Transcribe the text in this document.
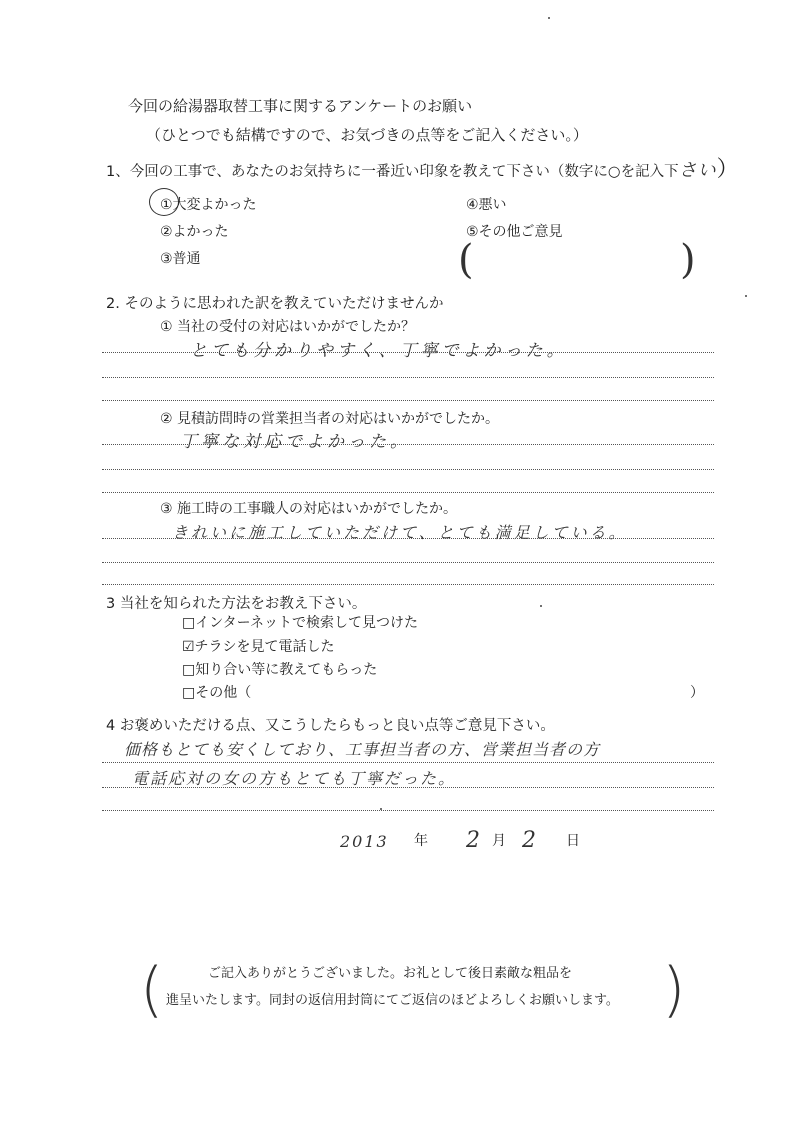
今回の給湯器取替工事に関するアンケートのお願い
（ひとつでも結構ですので、お気づきの点等をご記入ください。）
1、今回の工事で、あなたのお気持ちに一番近い印象を教えて下さい（数字に○を記入下さい）
①大変よかった
②よかった
③普通
④悪い
⑤その他ご意見
(	)
2. そのように思われた訳を教えていただけませんか
① 当社の受付の対応はいかがでしたか？
とても分かりやすく、丁寧でよかった。
② 見積訪問時の営業担当者の対応はいかがでしたか。
丁寧な対応でよかった。
③ 施工時の工事職人の対応はいかがでしたか。
きれいに施工していただけて、とても満足している。
3 当社を知られた方法をお教え下さい。
□インターネットで検索して見つけた
☑チラシを見て電話した
□知り合い等に教えてもらった
□その他（	）
4 お褒めいただける点、又こうしたらもっと良い点等ご意見下さい。
価格もとても安くしており、工事担当者の方、営業担当者の方
電話応対の女の方もとても丁寧だった。
2013 年 2 月 2 日
(	ご記入ありがとうございました。お礼として後日素敵な粗品を
進呈いたします。同封の返信用封筒にてご返信のほどよろしくお願いします。 )
